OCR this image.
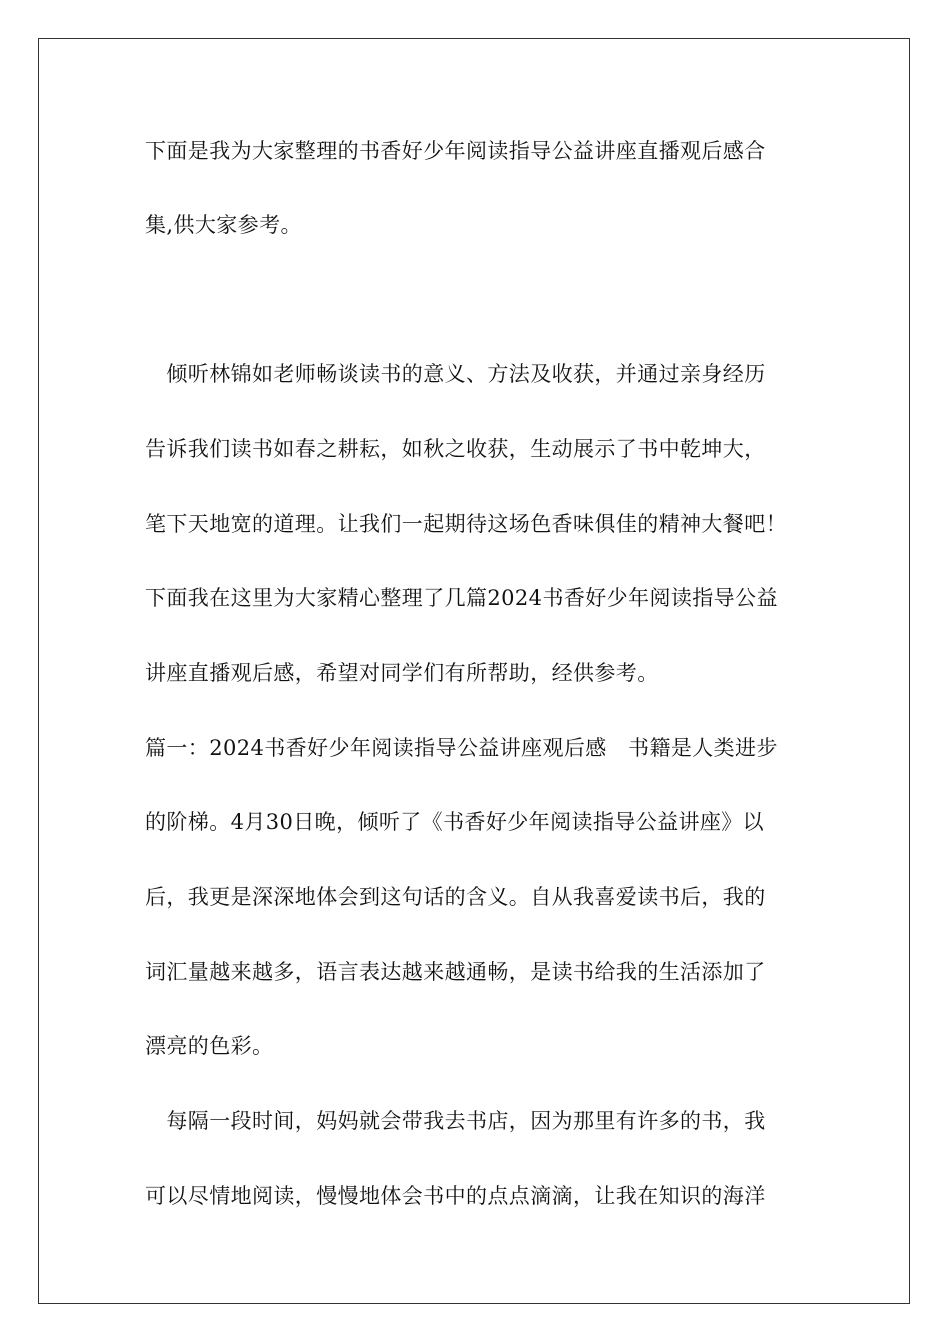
下面是我为大家整理的书香好少年阅读指导公益讲座直播观后感合
集,供大家参考。
　倾听林锦如老师畅谈读书的意义、方法及收获，并通过亲身经历
告诉我们读书如春之耕耘，如秋之收获，生动展示了书中乾坤大，
笔下天地宽的道理。让我们一起期待这场色香味俱佳的精神大餐吧！
下面我在这里为大家精心整理了几篇2024书香好少年阅读指导公益
讲座直播观后感，希望对同学们有所帮助，经供参考。
篇一：2024书香好少年阅读指导公益讲座观后感　书籍是人类进步
的阶梯。4月30日晚，倾听了《书香好少年阅读指导公益讲座》以
后，我更是深深地体会到这句话的含义。自从我喜爱读书后，我的
词汇量越来越多，语言表达越来越通畅，是读书给我的生活添加了
漂亮的色彩。
　每隔一段时间，妈妈就会带我去书店，因为那里有许多的书，我
可以尽情地阅读，慢慢地体会书中的点点滴滴，让我在知识的海洋
